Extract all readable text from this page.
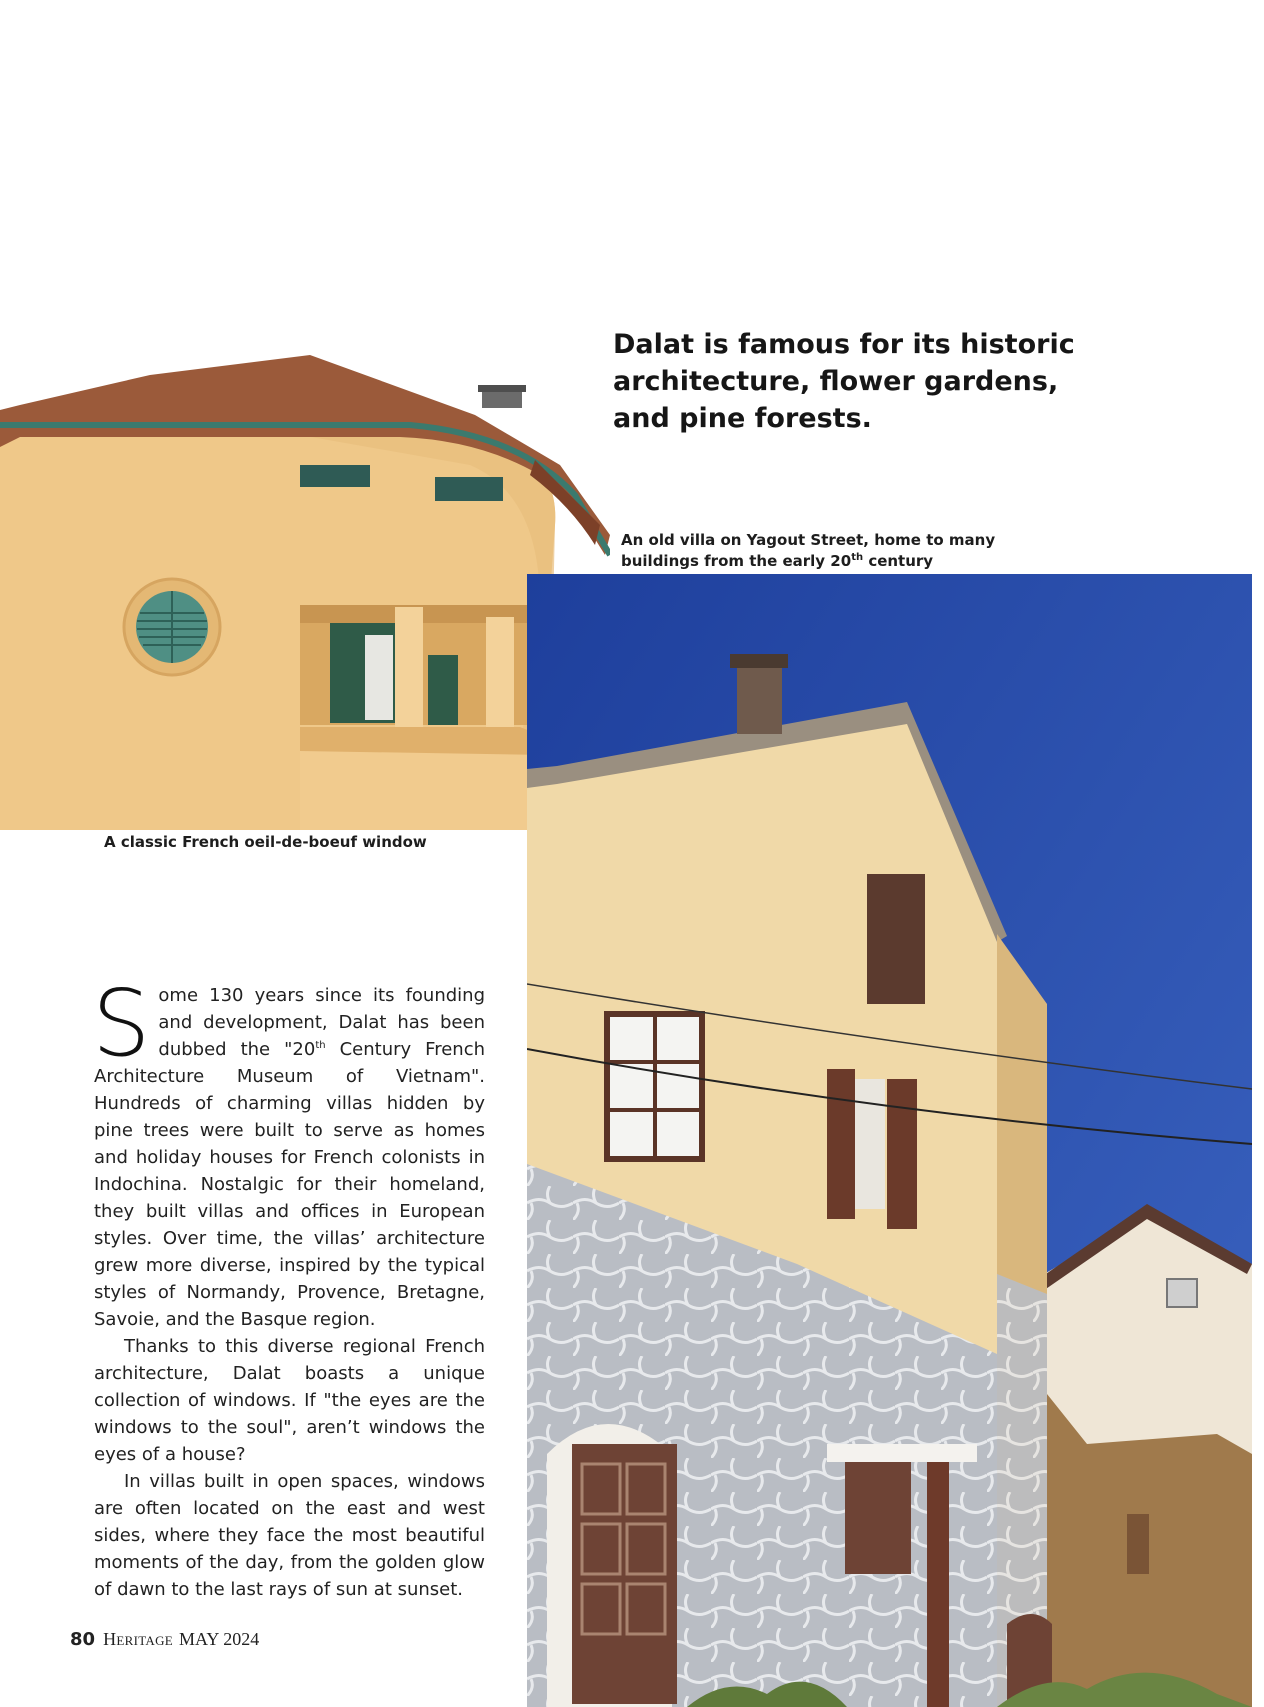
Dalat is famous for its historic architecture, flower gardens, and pine forests.
An old villa on Yagout Street, home to many buildings from the early 20th century
A classic French oeil-de-boeuf window

Some 130 years since its founding and development, Dalat has been dubbed the "20th Century French Architecture Museum of Vietnam". Hundreds of charming villas hidden by pine trees were built to serve as homes and holiday houses for French colonists in Indochina. Nostalgic for their homeland, they built villas and offices in European styles. Over time, the villas’ architecture grew more diverse, inspired by the typical styles of Normandy, Provence, Bretagne, Savoie, and the Basque region.

Thanks to this diverse regional French architecture, Dalat boasts a unique collection of windows. If "the eyes are the windows to the soul", aren’t windows the eyes of a house?

In villas built in open spaces, windows are often located on the east and west sides, where they face the most beautiful moments of the day, from the golden glow of dawn to the last rays of sun at sunset.

80 Heritage MAY 2024
